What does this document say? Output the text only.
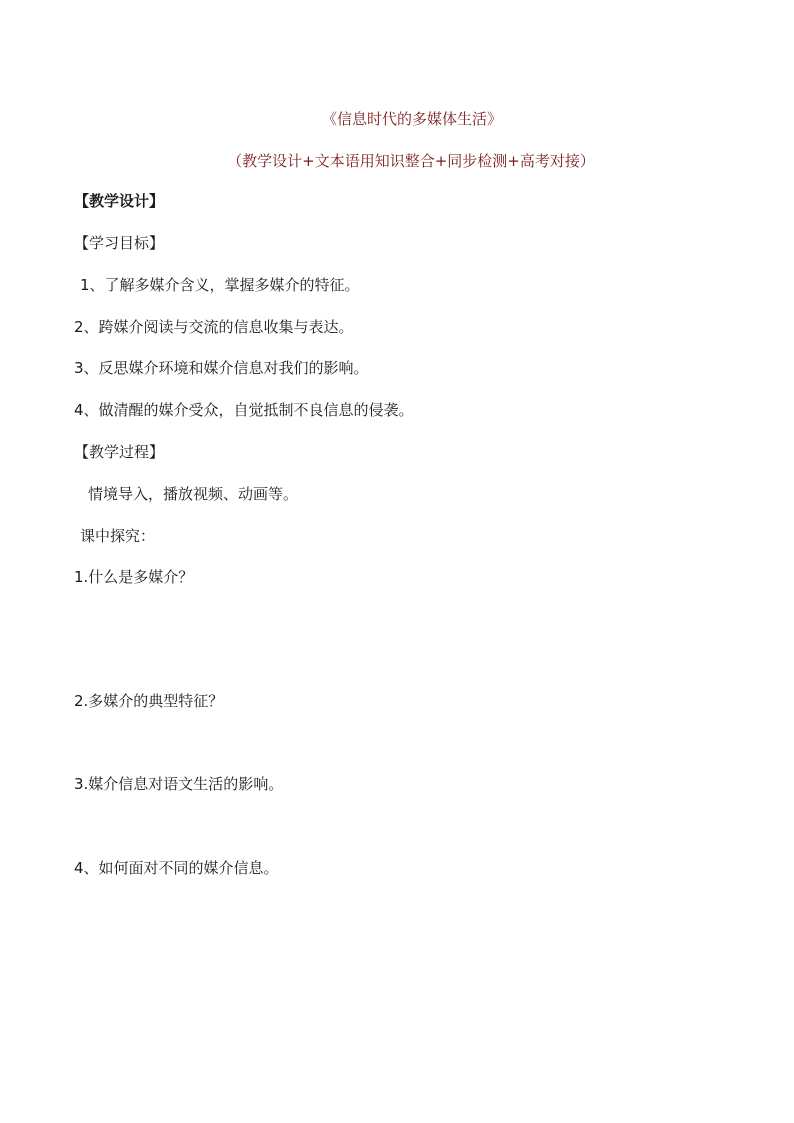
《信息时代的多媒体生活》
（教学设计+文本语用知识整合+同步检测+高考对接）
【教学设计】
【学习目标】
1、了解多媒介含义，掌握多媒介的特征。
2、跨媒介阅读与交流的信息收集与表达。
3、反思媒介环境和媒介信息对我们的影响。
4、做清醒的媒介受众，自觉抵制不良信息的侵袭。
【教学过程】
情境导入，播放视频、动画等。
课中探究：
1.什么是多媒介？
2.多媒介的典型特征？
3.媒介信息对语文生活的影响。
4、如何面对不同的媒介信息。
